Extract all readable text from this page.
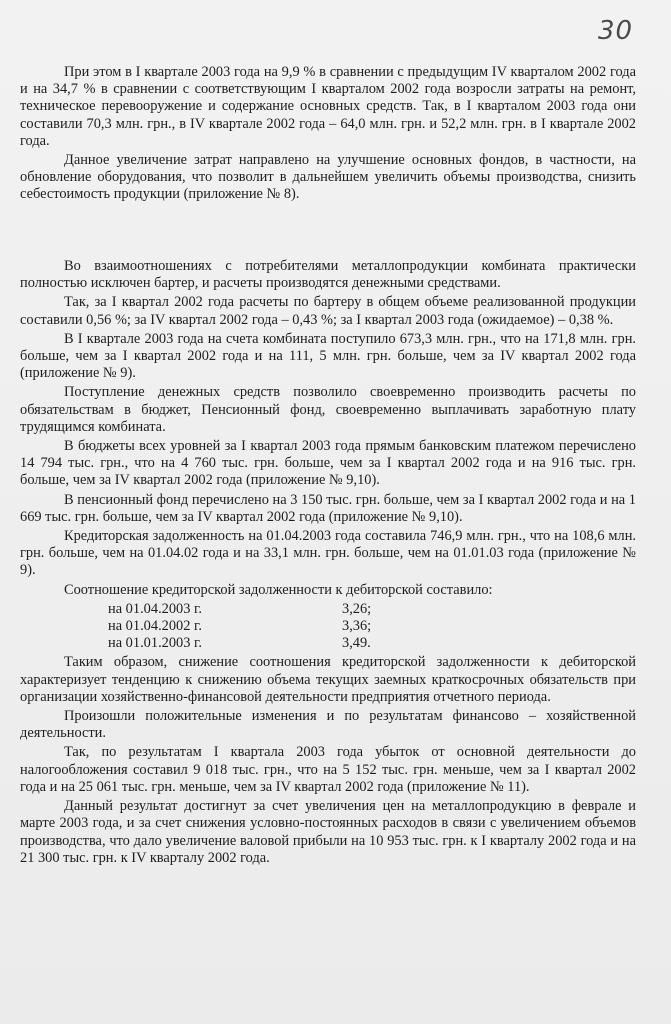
30

При этом в I квартале 2003 года на 9,9 % в сравнении с предыдущим IV кварталом 2002 года и на 34,7 % в сравнении с соответствующим I кварталом 2002 года возросли затраты на ремонт, техническое перевооружение и содержание основных средств. Так, в I кварталом 2003 года они составили 70,3 млн. грн., в IV квартале 2002 года – 64,0 млн. грн. и 52,2 млн. грн. в I квартале 2002 года.

Данное увеличение затрат направлено на улучшение основных фондов, в частности, на обновление оборудования, что позволит в дальнейшем увеличить объемы производства, снизить себестоимость продукции (приложение № 8).

Во взаимоотношениях с потребителями металлопродукции комбината практически полностью исключен бартер, и расчеты производятся денежными средствами.

Так, за I квартал 2002 года расчеты по бартеру в общем объеме реализованной продукции составили 0,56 %; за IV квартал 2002 года – 0,43 %; за I квартал 2003 года (ожидаемое) – 0,38 %.

В I квартале 2003 года на счета комбината поступило 673,3 млн. грн., что на 171,8 млн. грн. больше, чем за I квартал 2002 года и на 111, 5 млн. грн. больше, чем за IV квартал 2002 года (приложение № 9).

Поступление денежных средств позволило своевременно производить расчеты по обязательствам в бюджет, Пенсионный фонд, своевременно выплачивать заработную плату трудящимся комбината.

В бюджеты всех уровней за I квартал 2003 года прямым банковским платежом перечислено 14 794 тыс. грн., что на 4 760 тыс. грн. больше, чем за I квартал 2002 года и на 916 тыс. грн. больше, чем за IV квартал 2002 года (приложение № 9,10).

В пенсионный фонд перечислено на 3 150 тыс. грн. больше, чем за I квартал 2002 года и на 1 669 тыс. грн. больше, чем за IV квартал 2002 года (приложение № 9,10).

Кредиторская задолженность на 01.04.2003 года составила 746,9 млн. грн., что на 108,6 млн. грн. больше, чем на 01.04.02 года и на 33,1 млн. грн. больше, чем на 01.01.03 года (приложение № 9).

Соотношение кредиторской задолженности к дебиторской составило:

на 01.04.2003 г.	3,26;
на 01.04.2002 г.	3,36;
на 01.01.2003 г.	3,49.

Таким образом, снижение соотношения кредиторской задолженности к дебиторской характеризует тенденцию к снижению объема текущих заемных краткосрочных обязательств при организации хозяйственно-финансовой деятельности предприятия отчетного периода.

Произошли положительные изменения и по результатам финансово – хозяйственной деятельности.

Так, по результатам I квартала 2003 года убыток от основной деятельности до налогообложения составил 9 018 тыс. грн., что на 5 152 тыс. грн. меньше, чем за I квартал 2002 года и на 25 061 тыс. грн. меньше, чем за IV квартал 2002 года (приложение № 11).

Данный результат достигнут за счет увеличения цен на металлопродукцию в феврале и марте 2003 года, и за счет снижения условно-постоянных расходов в связи с увеличением объемов производства, что дало увеличение валовой прибыли на 10 953 тыс. грн. к I кварталу 2002 года и на 21 300 тыс. грн. к IV кварталу 2002 года.
